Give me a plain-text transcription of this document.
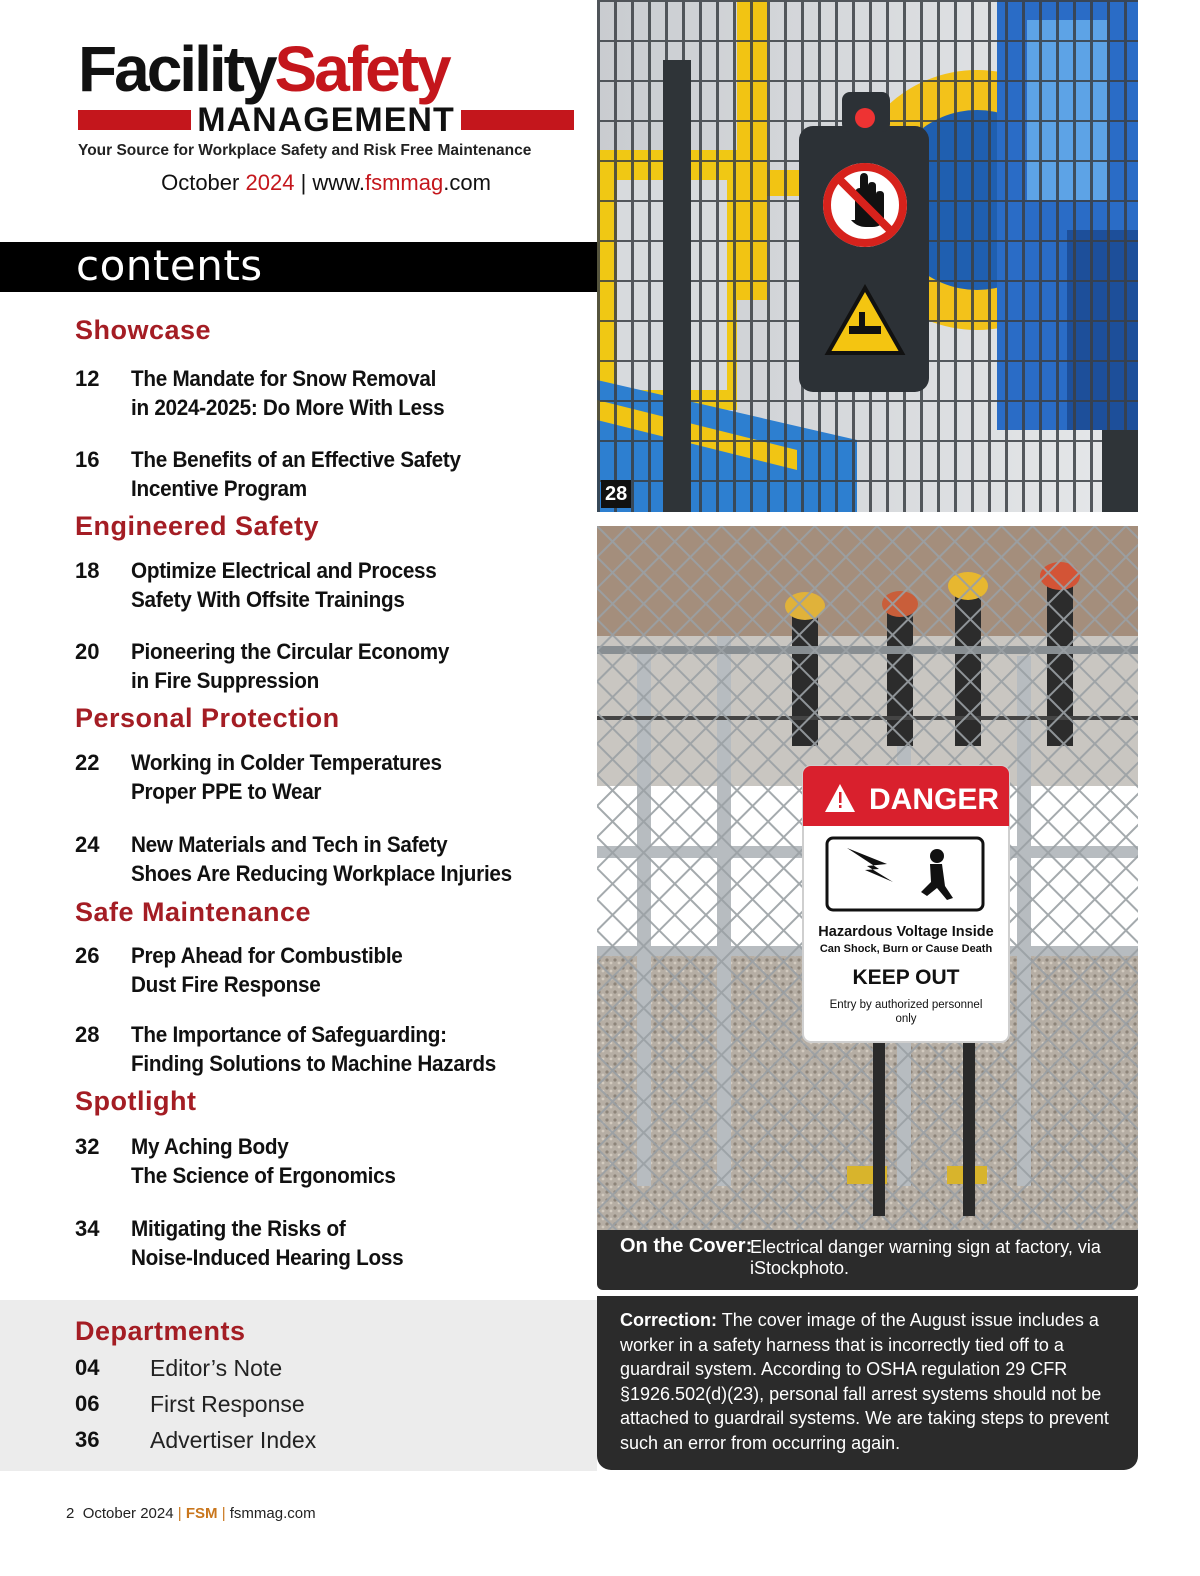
FacilitySafety
MANAGEMENT
Your Source for Workplace Safety and Risk Free Maintenance
October 2024 | www.fsmmag.com
contents
Showcase
12 The Mandate for Snow Removal
in 2024-2025: Do More With Less
16 The Benefits of an Effective Safety
Incentive Program
Engineered Safety
18 Optimize Electrical and Process
Safety With Offsite Trainings
20 Pioneering the Circular Economy
in Fire Suppression
Personal Protection
22 Working in Colder Temperatures
Proper PPE to Wear
24 New Materials and Tech in Safety
Shoes Are Reducing Workplace Injuries
Safe Maintenance
26 Prep Ahead for Combustible
Dust Fire Response
28 The Importance of Safeguarding:
Finding Solutions to Machine Hazards
Spotlight
32 My Aching Body
The Science of Ergonomics
34 Mitigating the Risks of
Noise-Induced Hearing Loss
Departments
04 Editor’s Note
06 First Response
36 Advertiser Index
2 October 2024 | FSM | fsmmag.com
28
DANGER
Hazardous Voltage Inside
Can Shock, Burn or Cause Death
KEEP OUT
Entry by authorized personnel
only
On the Cover:
Electrical danger warning sign at factory, via iStockphoto.
Correction: The cover image of the August issue includes a worker in a safety harness that is incorrectly tied off to a guardrail system. According to OSHA regulation 29 CFR §1926.502(d)(23), personal fall arrest systems should not be attached to guardrail systems. We are taking steps to prevent such an error from occurring again.
